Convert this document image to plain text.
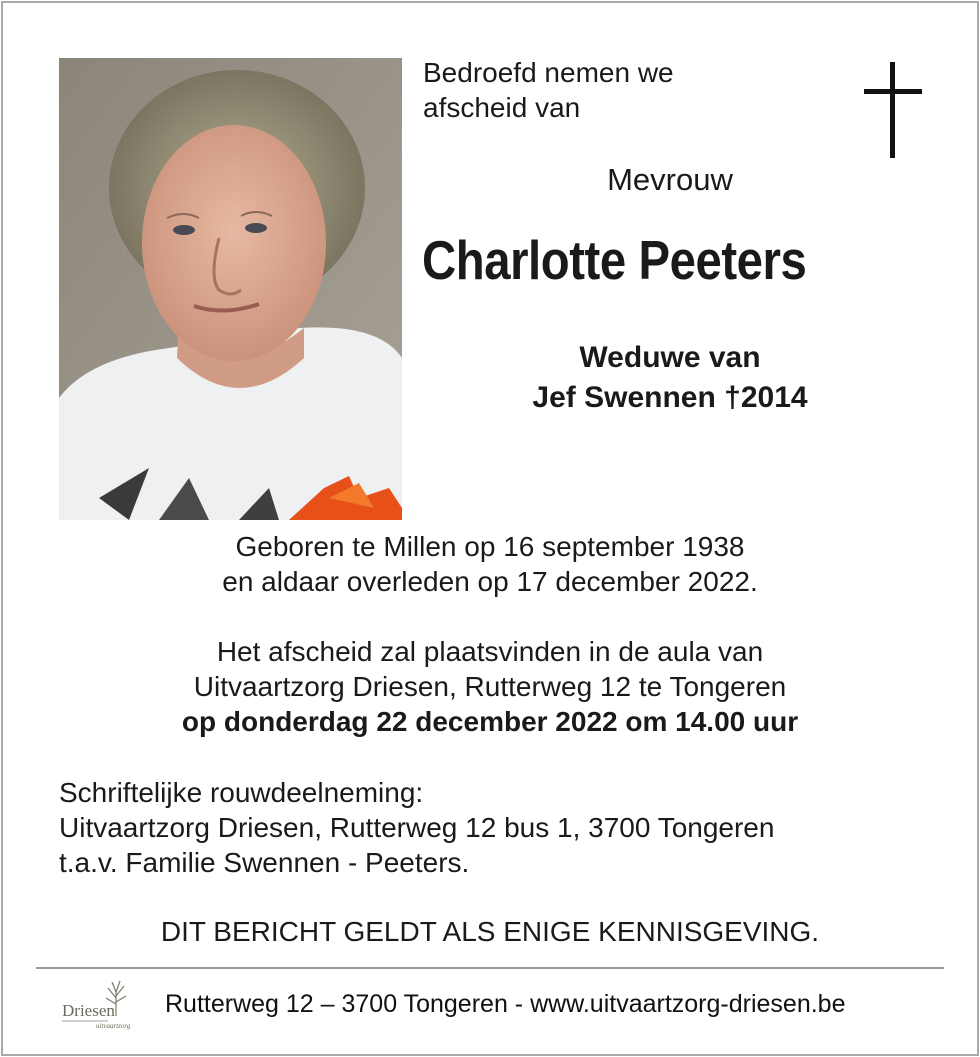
Bedroefd nemen we
afscheid van
Mevrouw
Charlotte Peeters
Weduwe van
Jef Swennen †2014
Geboren te Millen op 16 september 1938
en aldaar overleden op 17 december 2022.
Het afscheid zal plaatsvinden in de aula van
Uitvaartzorg Driesen, Rutterweg 12 te Tongeren
op donderdag 22 december 2022 om 14.00 uur
Schriftelijke rouwdeelneming:
Uitvaartzorg Driesen, Rutterweg 12 bus 1, 3700 Tongeren
t.a.v. Familie Swennen - Peeters.
DIT BERICHT GELDT ALS ENIGE KENNISGEVING.
Driesen
uitvaartzorg
Rutterweg 12 – 3700 Tongeren - www.uitvaartzorg-driesen.be
